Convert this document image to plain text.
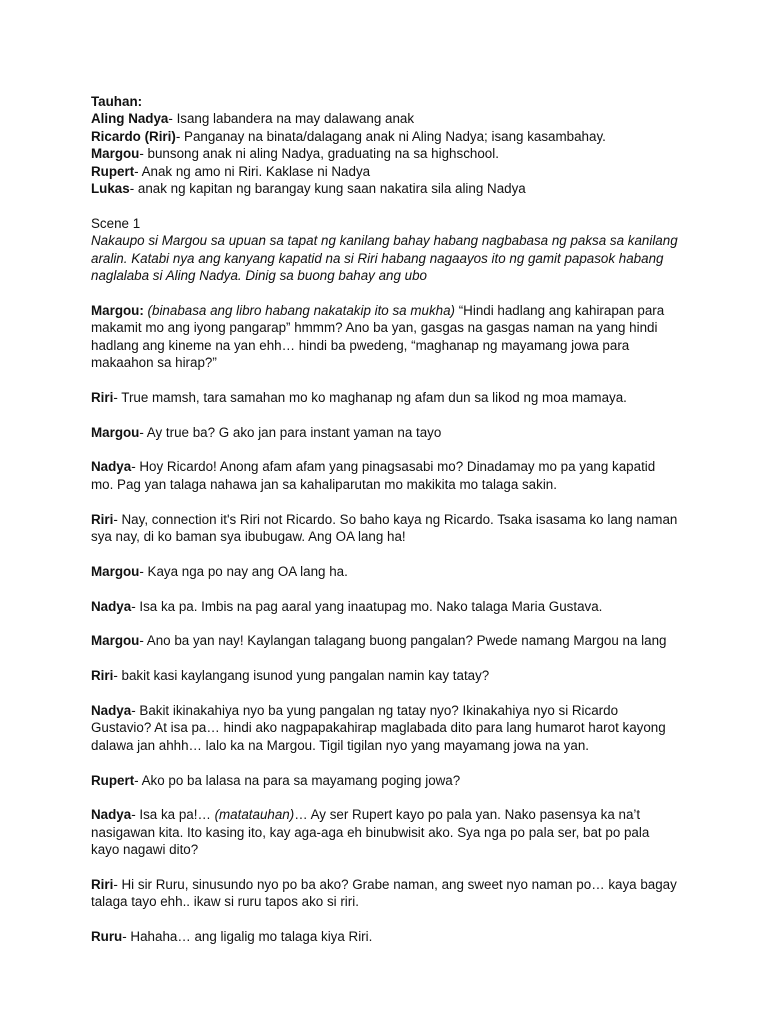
Tauhan:

Aling Nadya- Isang labandera na may dalawang anak

Ricardo (Riri)- Panganay na binata/dalagang anak ni Aling Nadya; isang kasambahay.

Margou- bunsong anak ni aling Nadya, graduating na sa highschool.

Rupert- Anak ng amo ni Riri. Kaklase ni Nadya

Lukas- anak ng kapitan ng barangay kung saan nakatira sila aling Nadya

Scene 1

Nakaupo si Margou sa upuan sa tapat ng kanilang bahay habang nagbabasa ng paksa sa kanilang aralin. Katabi nya ang kanyang kapatid na si Riri habang nagaayos ito ng gamit papasok habang naglalaba si Aling Nadya. Dinig sa buong bahay ang ubo

Margou: (binabasa ang libro habang nakatakip ito sa mukha) “Hindi hadlang ang kahirapan para makamit mo ang iyong pangarap” hmmm? Ano ba yan, gasgas na gasgas naman na yang hindi hadlang ang kineme na yan ehh… hindi ba pwedeng, “maghanap ng mayamang jowa para makaahon sa hirap?”

Riri- True mamsh, tara samahan mo ko maghanap ng afam dun sa likod ng moa mamaya.

Margou- Ay true ba? G ako jan para instant yaman na tayo

Nadya- Hoy Ricardo! Anong afam afam yang pinagsasabi mo? Dinadamay mo pa yang kapatid mo. Pag yan talaga nahawa jan sa kahaliparutan mo makikita mo talaga sakin.

Riri- Nay, connection it's Riri not Ricardo. So baho kaya ng Ricardo. Tsaka isasama ko lang naman sya nay, di ko baman sya ibubugaw. Ang OA lang ha!

Margou- Kaya nga po nay ang OA lang ha.

Nadya- Isa ka pa. Imbis na pag aaral yang inaatupag mo. Nako talaga Maria Gustava.

Margou- Ano ba yan nay! Kaylangan talagang buong pangalan? Pwede namang Margou na lang

Riri- bakit kasi kaylangang isunod yung pangalan namin kay tatay?

Nadya- Bakit ikinakahiya nyo ba yung pangalan ng tatay nyo? Ikinakahiya nyo si Ricardo Gustavio? At isa pa… hindi ako nagpapakahirap maglabada dito para lang humarot harot kayong dalawa jan ahhh… lalo ka na Margou. Tigil tigilan nyo yang mayamang jowa na yan.

Rupert- Ako po ba lalasa na para sa mayamang poging jowa?

Nadya- Isa ka pa!… (matatauhan)… Ay ser Rupert kayo po pala yan. Nako pasensya ka na’t nasigawan kita. Ito kasing ito, kay aga-aga eh binubwisit ako. Sya nga po pala ser, bat po pala kayo nagawi dito?

Riri- Hi sir Ruru, sinusundo nyo po ba ako? Grabe naman, ang sweet nyo naman po… kaya bagay talaga tayo ehh.. ikaw si ruru tapos ako si riri.

Ruru- Hahaha… ang ligalig mo talaga kiya Riri.
